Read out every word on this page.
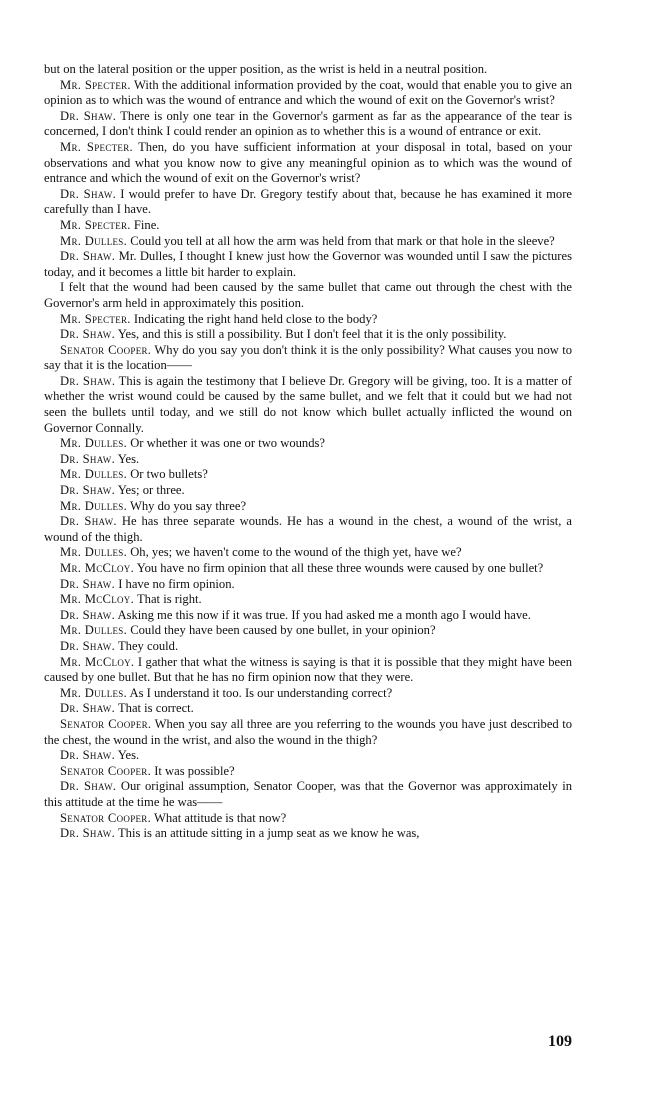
but on the lateral position or the upper position, as the wrist is held in a neutral position.

Mr. Specter. With the additional information provided by the coat, would that enable you to give an opinion as to which was the wound of entrance and which the wound of exit on the Governor's wrist?

Dr. Shaw. There is only one tear in the Governor's garment as far as the appearance of the tear is concerned, I don't think I could render an opinion as to whether this is a wound of entrance or exit.

Mr. Specter. Then, do you have sufficient information at your disposal in total, based on your observations and what you know now to give any meaningful opinion as to which was the wound of entrance and which the wound of exit on the Governor's wrist?

Dr. Shaw. I would prefer to have Dr. Gregory testify about that, because he has examined it more carefully than I have.

Mr. Specter. Fine.

Mr. Dulles. Could you tell at all how the arm was held from that mark or that hole in the sleeve?

Dr. Shaw. Mr. Dulles, I thought I knew just how the Governor was wounded until I saw the pictures today, and it becomes a little bit harder to explain.

I felt that the wound had been caused by the same bullet that came out through the chest with the Governor's arm held in approximately this position.

Mr. Specter. Indicating the right hand held close to the body?

Dr. Shaw. Yes, and this is still a possibility. But I don't feel that it is the only possibility.

Senator Cooper. Why do you say you don't think it is the only possibility? What causes you now to say that it is the location——

Dr. Shaw. This is again the testimony that I believe Dr. Gregory will be giving, too. It is a matter of whether the wrist wound could be caused by the same bullet, and we felt that it could but we had not seen the bullets until today, and we still do not know which bullet actually inflicted the wound on Governor Connally.

Mr. Dulles. Or whether it was one or two wounds?

Dr. Shaw. Yes.

Mr. Dulles. Or two bullets?

Dr. Shaw. Yes; or three.

Mr. Dulles. Why do you say three?

Dr. Shaw. He has three separate wounds. He has a wound in the chest, a wound of the wrist, a wound of the thigh.

Mr. Dulles. Oh, yes; we haven't come to the wound of the thigh yet, have we?

Mr. McCloy. You have no firm opinion that all these three wounds were caused by one bullet?

Dr. Shaw. I have no firm opinion.

Mr. McCloy. That is right.

Dr. Shaw. Asking me this now if it was true. If you had asked me a month ago I would have.

Mr. Dulles. Could they have been caused by one bullet, in your opinion?

Dr. Shaw. They could.

Mr. McCloy. I gather that what the witness is saying is that it is possible that they might have been caused by one bullet. But that he has no firm opinion now that they were.

Mr. Dulles. As I understand it too. Is our understanding correct?

Dr. Shaw. That is correct.

Senator Cooper. When you say all three are you referring to the wounds you have just described to the chest, the wound in the wrist, and also the wound in the thigh?

Dr. Shaw. Yes.

Senator Cooper. It was possible?

Dr. Shaw. Our original assumption, Senator Cooper, was that the Governor was approximately in this attitude at the time he was——

Senator Cooper. What attitude is that now?

Dr. Shaw. This is an attitude sitting in a jump seat as we know he was,

109
